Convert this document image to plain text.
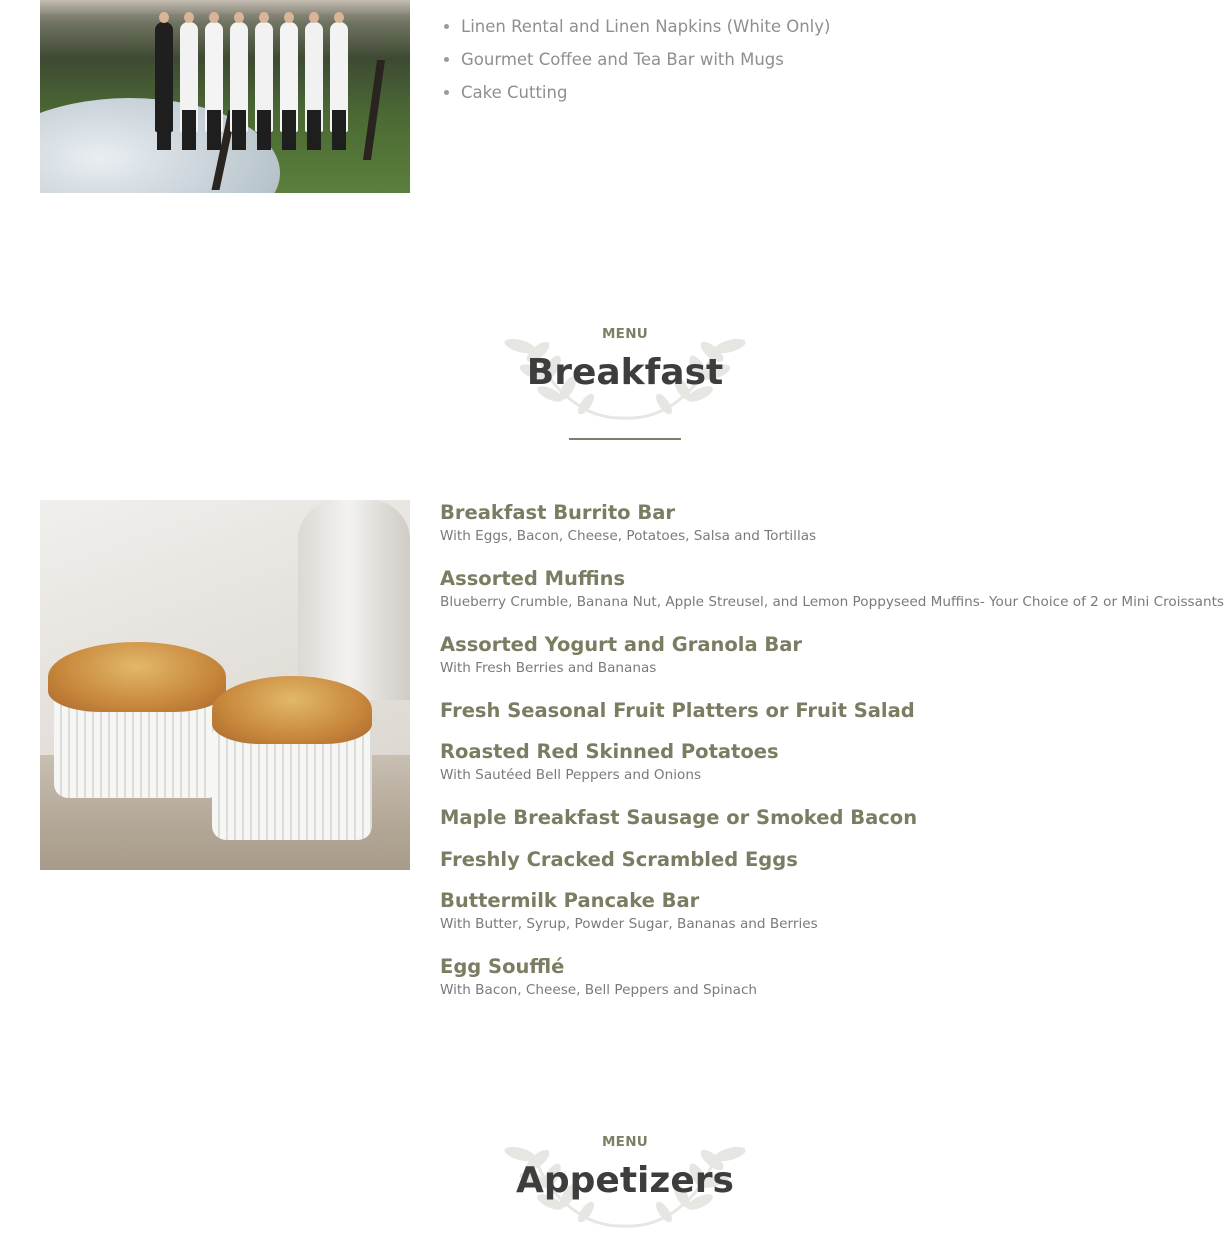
• Linen Rental and Linen Napkins (White Only)
• Gourmet Coffee and Tea Bar with Mugs
• Cake Cutting
MENU
Breakfast
Breakfast Burrito Bar
With Eggs, Bacon, Cheese, Potatoes, Salsa and Tortillas
Assorted Muffins
Blueberry Crumble, Banana Nut, Apple Streusel, and Lemon Poppyseed Muffins- Your Choice of 2 or Mini Croissants
Assorted Yogurt and Granola Bar
With Fresh Berries and Bananas
Fresh Seasonal Fruit Platters or Fruit Salad
Roasted Red Skinned Potatoes
With Sautéed Bell Peppers and Onions
Maple Breakfast Sausage or Smoked Bacon
Freshly Cracked Scrambled Eggs
Buttermilk Pancake Bar
With Butter, Syrup, Powder Sugar, Bananas and Berries
Egg Soufflé
With Bacon, Cheese, Bell Peppers and Spinach
MENU
Appetizers
